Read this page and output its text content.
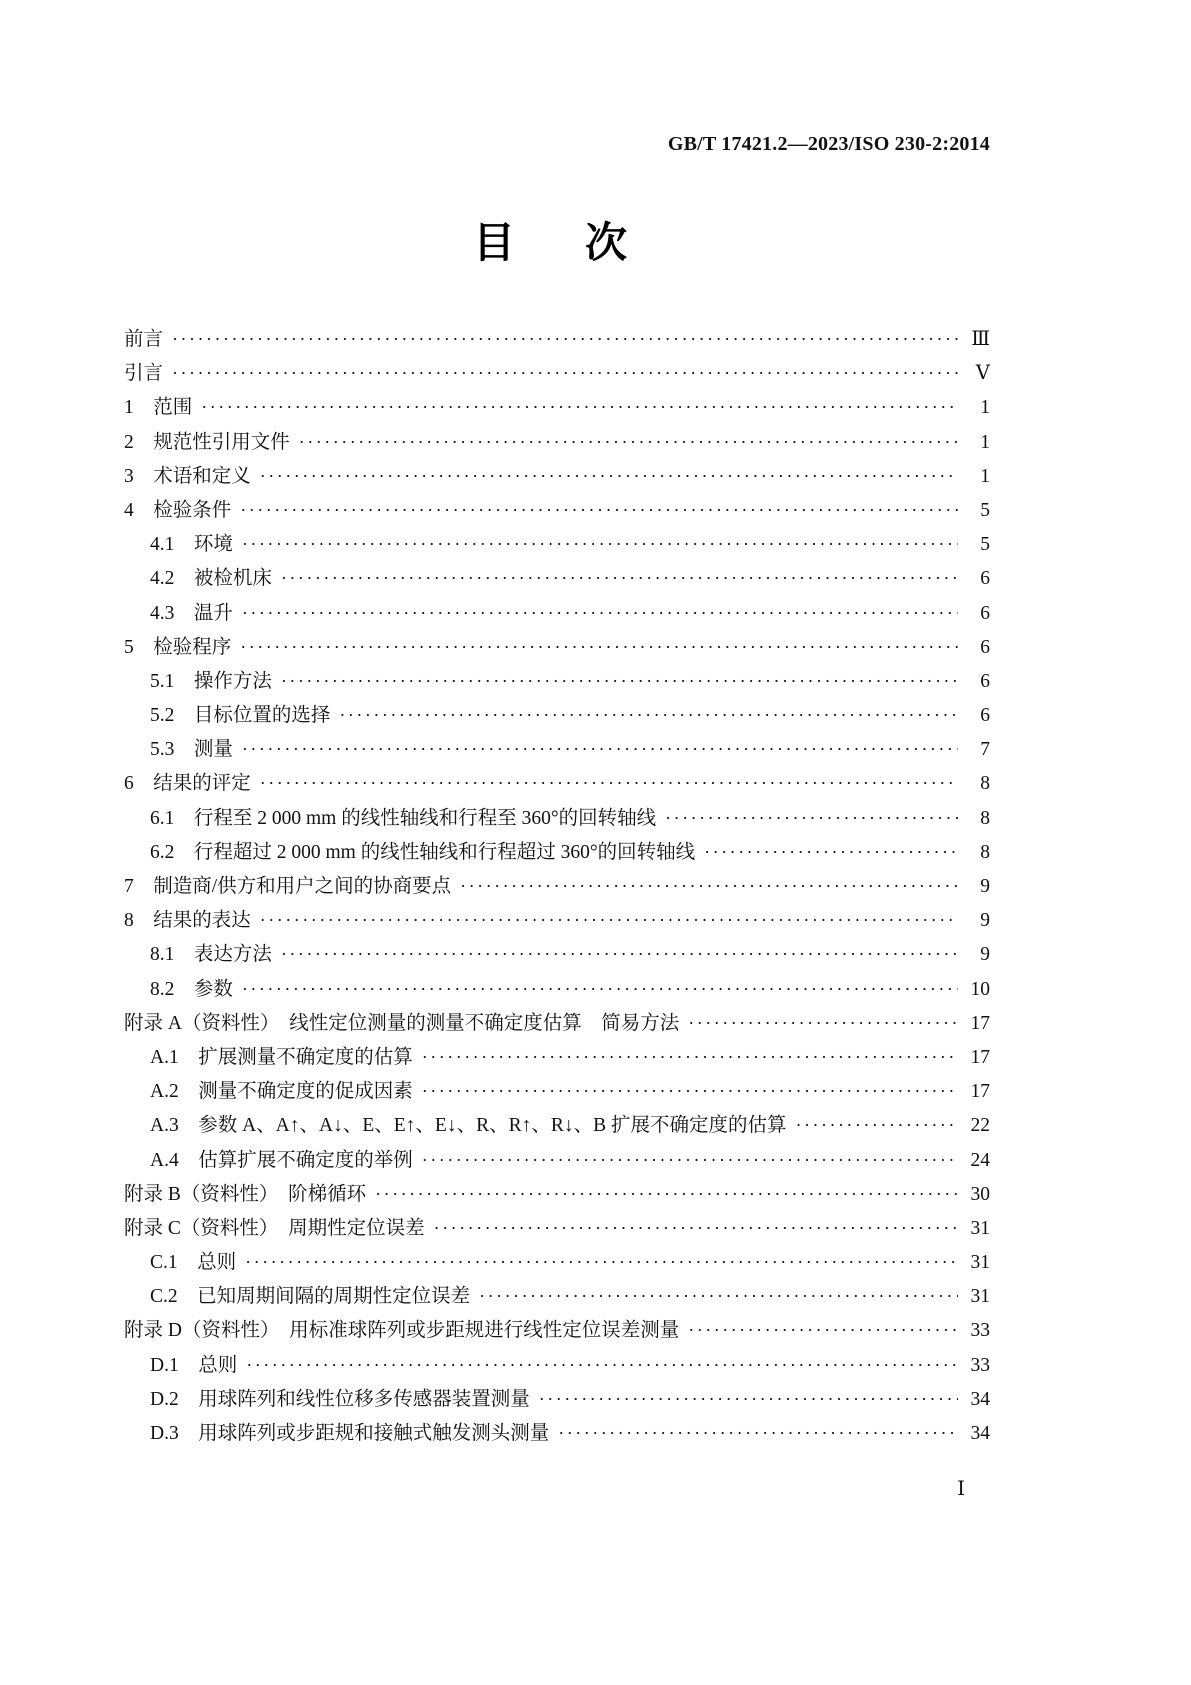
GB/T 17421.2—2023/ISO 230-2:2014
目　次
前言 ·····	Ⅲ
引言 ·····	Ⅴ
1　范围 ·····	1
2　规范性引用文件 ·····	1
3　术语和定义 ·····	1
4　检验条件 ·····	5
4.1　环境 ·····	5
4.2　被检机床 ·····	6
4.3　温升 ·····	6
5　检验程序 ·····	6
5.1　操作方法 ·····	6
5.2　目标位置的选择 ·····	6
5.3　测量 ·····	7
6　结果的评定 ·····	8
6.1　行程至 2 000 mm 的线性轴线和行程至 360°的回转轴线 ·····	8
6.2　行程超过 2 000 mm 的线性轴线和行程超过 360°的回转轴线 ·····	8
7　制造商/供方和用户之间的协商要点 ·····	9
8　结果的表达 ·····	9
8.1　表达方法 ·····	9
8.2　参数 ·····	10
附录 A（资料性）　线性定位测量的测量不确定度估算　简易方法 ·····	17
A.1　扩展测量不确定度的估算 ·····	17
A.2　测量不确定度的促成因素 ·····	17
A.3　参数 A、A↑、A↓、E、E↑、E↓、R、R↑、R↓、B 扩展不确定度的估算 ·····	22
A.4　估算扩展不确定度的举例 ·····	24
附录 B（资料性）　阶梯循环 ·····	30
附录 C（资料性）　周期性定位误差 ·····	31
C.1　总则 ·····	31
C.2　已知周期间隔的周期性定位误差 ·····	31
附录 D（资料性）　用标准球阵列或步距规进行线性定位误差测量 ·····	33
D.1　总则 ·····	33
D.2　用球阵列和线性位移多传感器装置测量 ·····	34
D.3　用球阵列或步距规和接触式触发测头测量 ·····	34
Ⅰ
